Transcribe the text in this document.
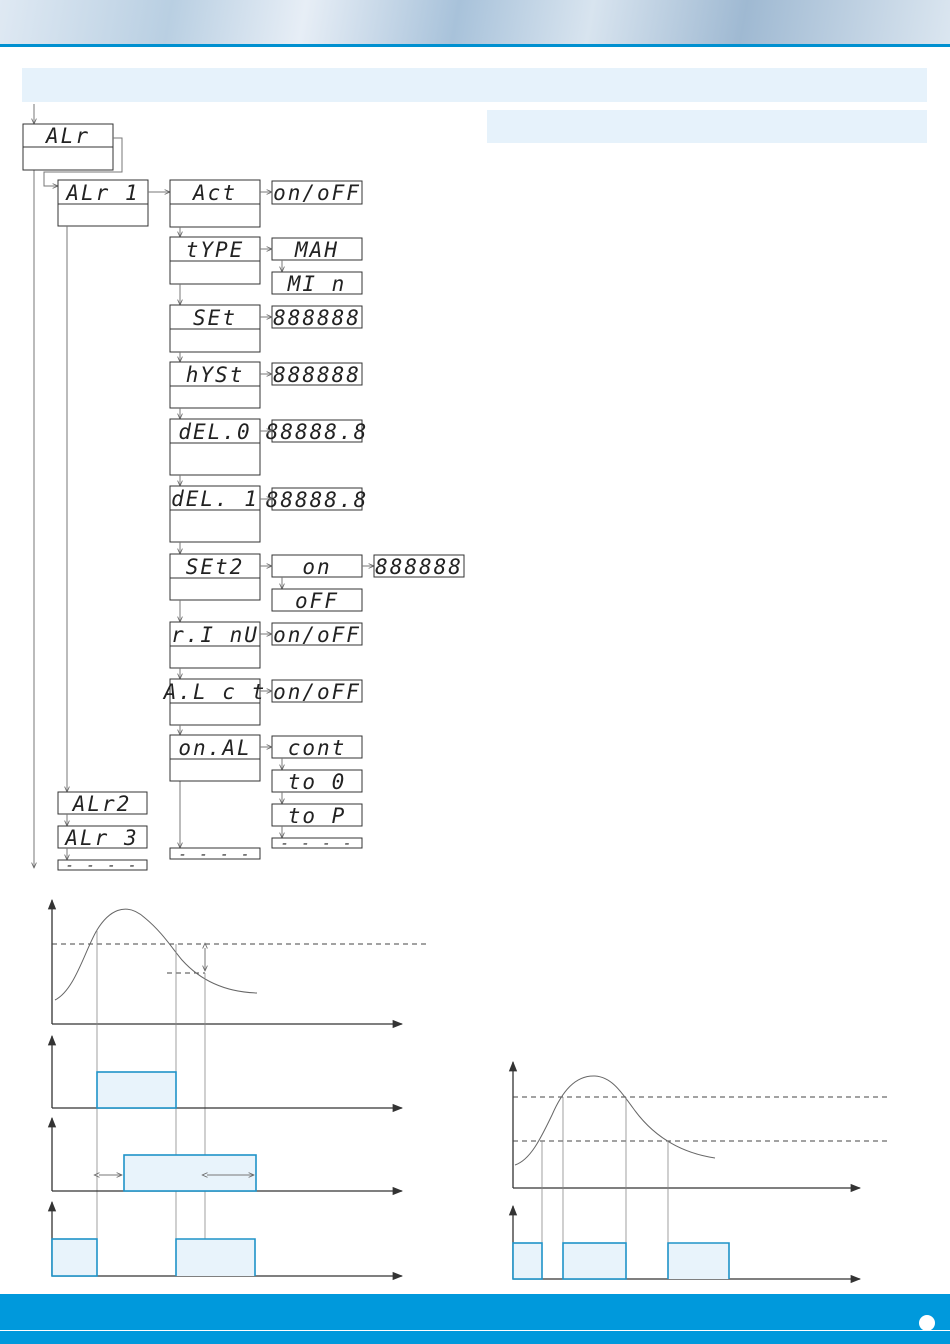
ALr
ALr 1
ALr2
ALr 3
- - - -
Act
tYPE
SEt
hYSt
dEL.0
dEL. 1
SEt2
r.I nU
A.L c t
on.AL
- - - -
on/oFF
MAH
MI n
888888
888888
88888.8
88888.8
on 888888
oFF
on/oFF
on/oFF
cont
to 0
to P
- - - -
